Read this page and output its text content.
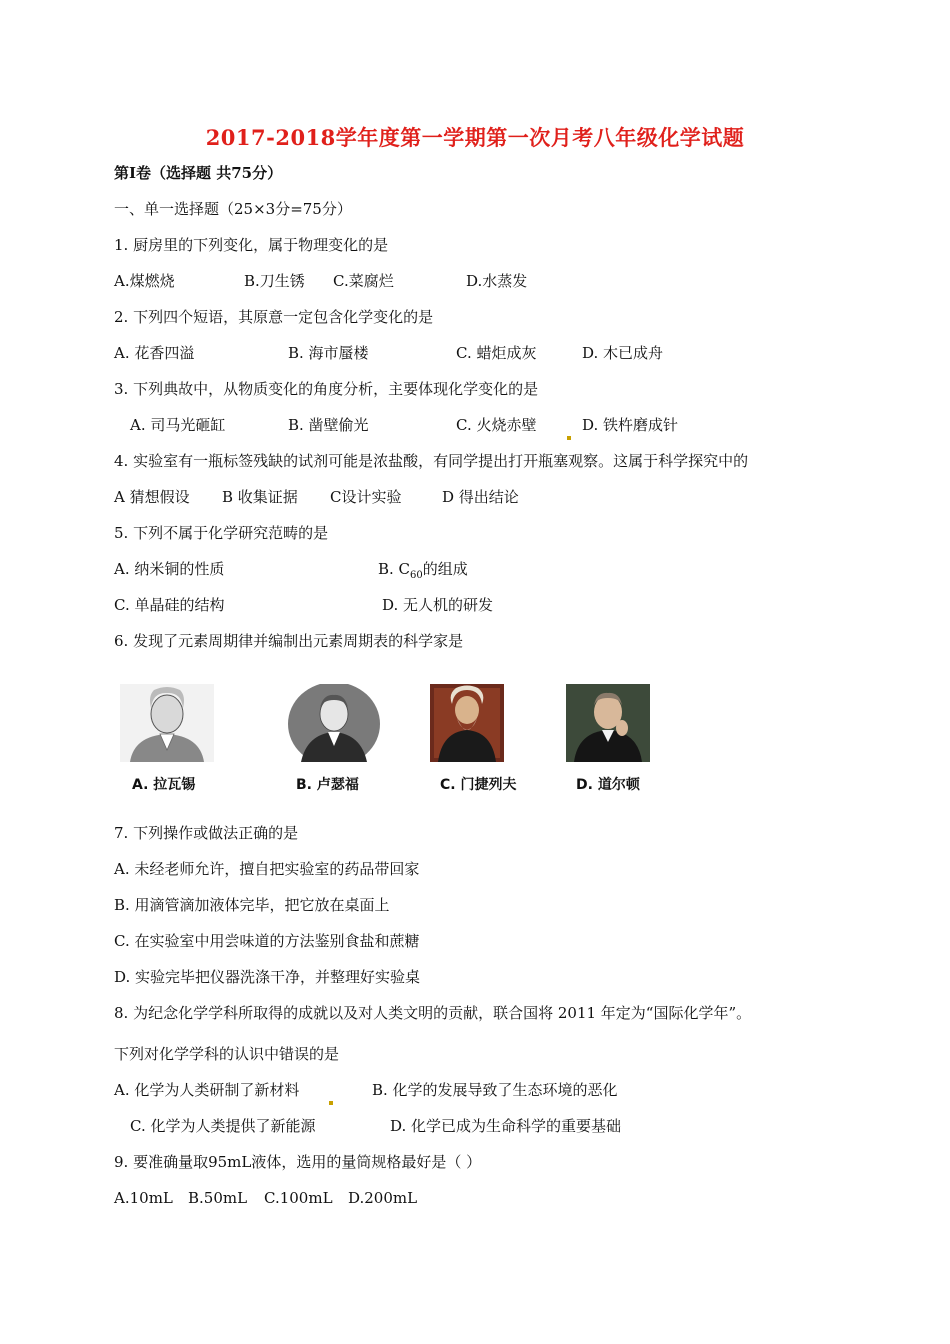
2017-2018学年度第一学期第一次月考八年级化学试题
第Ⅰ卷（选择题 共75分）
一、单一选择题（25×3分=75分）
1. 厨房里的下列变化，属于物理变化的是
A.煤燃烧	B.刀生锈 C.菜腐烂	D.水蒸发
2. 下列四个短语，其原意一定包含化学变化的是
A. 花香四溢	B. 海市蜃楼	C. 蜡炬成灰	D. 木已成舟
3. 下列典故中，从物质变化的角度分析，主要体现化学变化的是
A. 司马光砸缸	B. 凿壁偷光	C. 火烧赤壁	D. 铁杵磨成针
4. 实验室有一瓶标签残缺的试剂可能是浓盐酸，有同学提出打开瓶塞观察。这属于科学探究中的
A 猜想假设 B 收集证据 C设计实验	D 得出结论
5. 下列不属于化学研究范畴的是
A. 纳米铜的性质	B. $C_{60}$的组成
C. 单晶硅的结构	D. 无人机的研发
6. 发现了元素周期律并编制出元素周期表的科学家是
A. 拉瓦锡	B. 卢瑟福	C. 门捷列夫	D. 道尔顿
7. 下列操作或做法正确的是
A. 未经老师允许，擅自把实验室的药品带回家
B. 用滴管滴加液体完毕，把它放在桌面上
C. 在实验室中用尝味道的方法鉴别食盐和蔗糖
D. 实验完毕把仪器洗涤干净，并整理好实验桌
8. 为纪念化学学科所取得的成就以及对人类文明的贡献，联合国将 2011 年定为“国际化学年”。
下列对化学学科的认识中错误的是
A. 化学为人类研制了新材料	B. 化学的发展导致了生态环境的恶化
C. 化学为人类提供了新能源	D. 化学已成为生命科学的重要基础
9. 要准确量取95mL液体，选用的量筒规格最好是（ ）
A.10mL B.50mL C.100mL D.200mL
